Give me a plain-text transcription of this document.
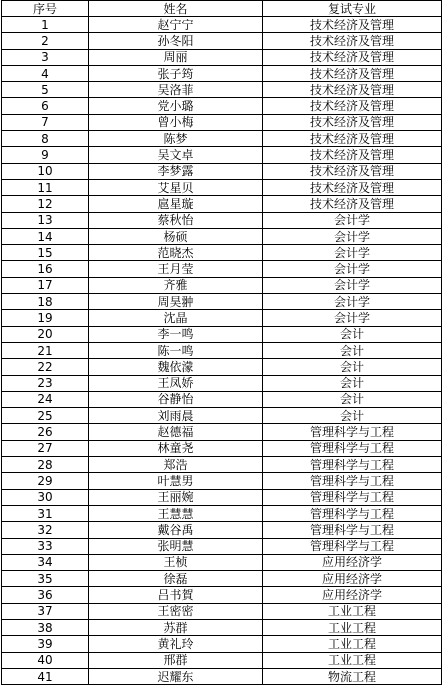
序号	姓名	复试专业
1	赵宁宁	技术经济及管理
2	孙冬阳	技术经济及管理
3	周丽	技术经济及管理
4	张子筠	技术经济及管理
5	吴洛菲	技术经济及管理
6	党小璐	技术经济及管理
7	曾小梅	技术经济及管理
8	陈梦	技术经济及管理
9	吴文卓	技术经济及管理
10	李梦露	技术经济及管理
11	艾星贝	技术经济及管理
12	扈星璇	技术经济及管理
13	蔡秋怡	会计学
14	杨硕	会计学
15	范晓杰	会计学
16	王月莹	会计学
17	齐雅	会计学
18	周昊翀	会计学
19	沈晶	会计学
20	李一鸣	会计
21	陈一鸣	会计
22	魏依濛	会计
23	王凤娇	会计
24	谷静怡	会计
25	刘雨晨	会计
26	赵德福	管理科学与工程
27	林童尧	管理科学与工程
28	郑浩	管理科学与工程
29	叶慧男	管理科学与工程
30	王丽婉	管理科学与工程
31	王慧慧	管理科学与工程
32	戴谷禹	管理科学与工程
33	张明慧	管理科学与工程
34	王桢	应用经济学
35	徐磊	应用经济学
36	吕书賀	应用经济学
37	王密密	工业工程
38	苏群	工业工程
39	黄礼玲	工业工程
40	邢群	工业工程
41	迟耀东	物流工程
